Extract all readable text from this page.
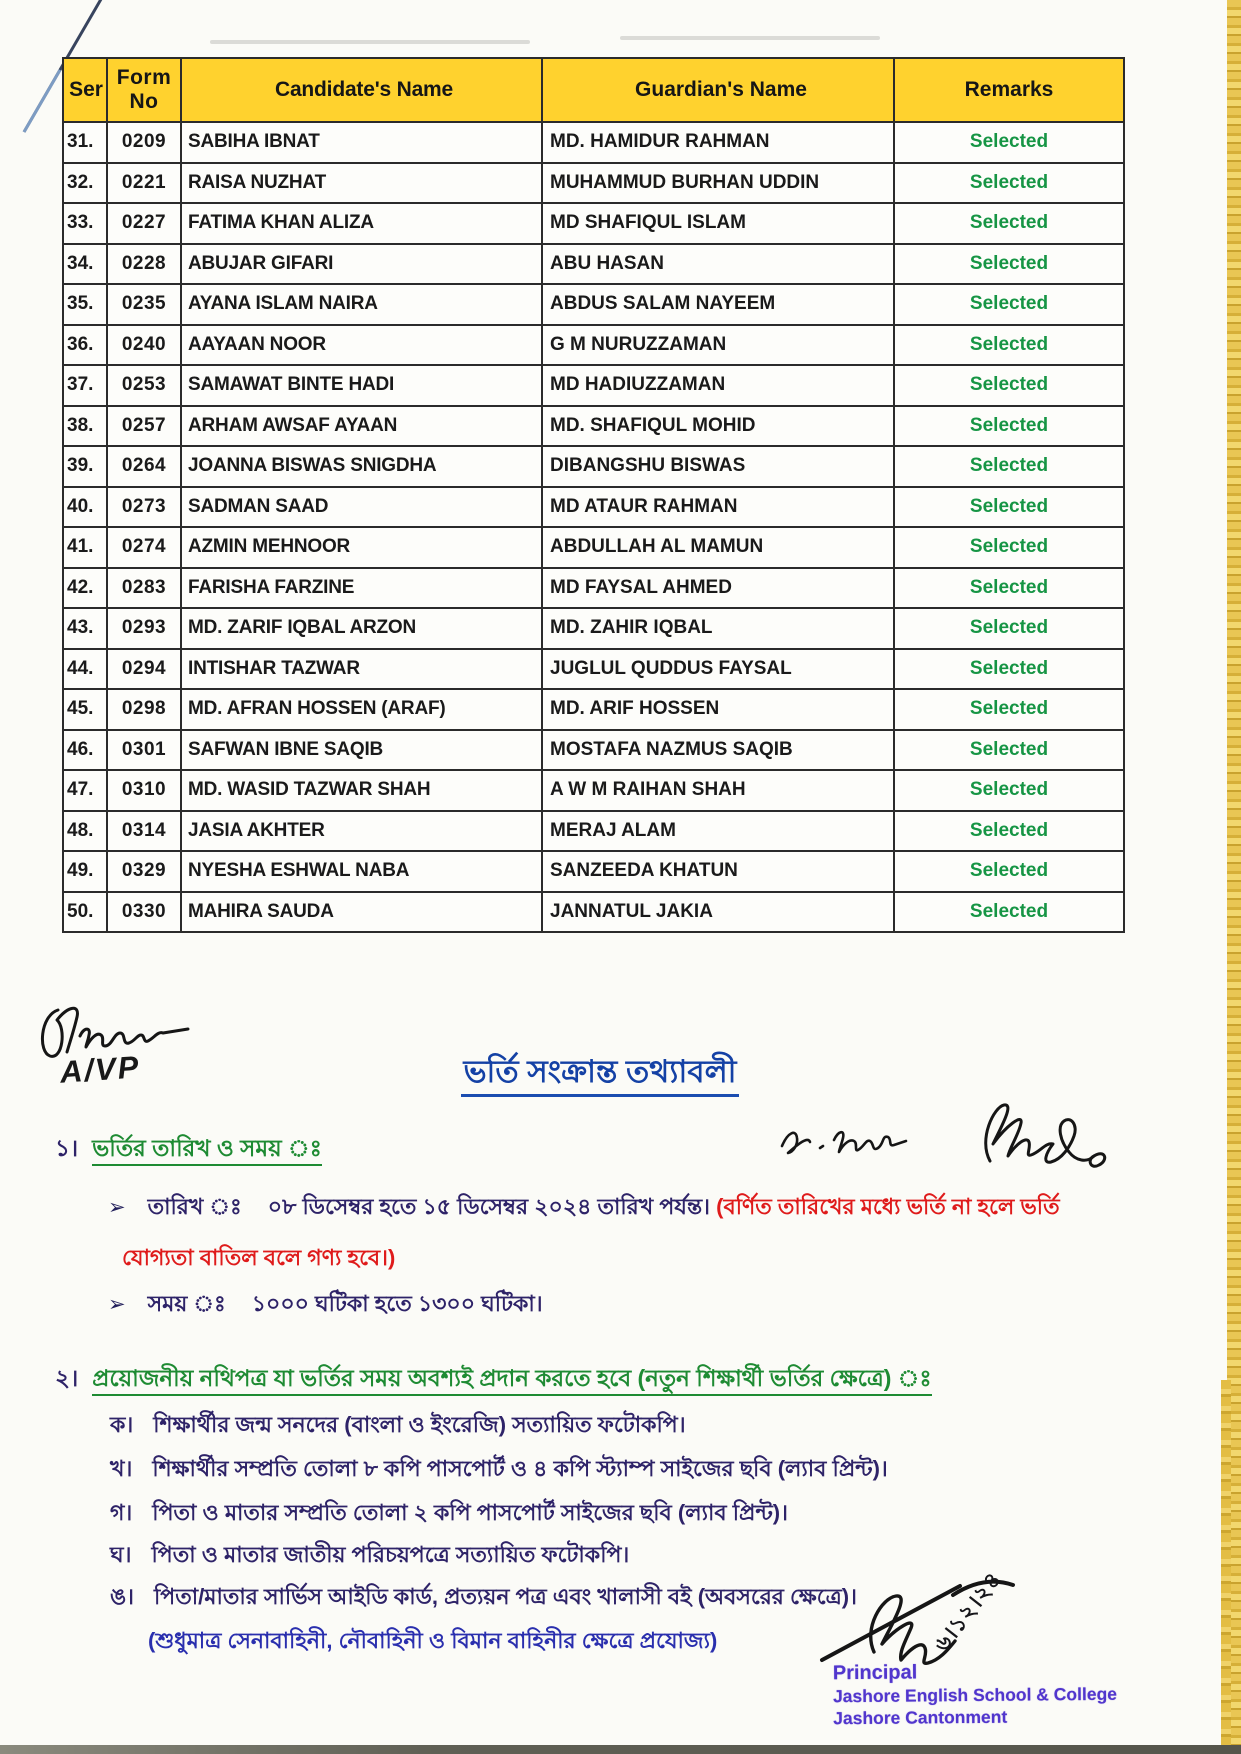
Ser	Form No	Candidate's Name	Guardian's Name	Remarks
31.	0209	SABIHA IBNAT	MD. HAMIDUR RAHMAN	Selected
32.	0221	RAISA NUZHAT	MUHAMMUD BURHAN UDDIN	Selected
33.	0227	FATIMA KHAN ALIZA	MD SHAFIQUL ISLAM	Selected
34.	0228	ABUJAR GIFARI	ABU HASAN	Selected
35.	0235	AYANA ISLAM NAIRA	ABDUS SALAM NAYEEM	Selected
36.	0240	AAYAAN NOOR	G M NURUZZAMAN	Selected
37.	0253	SAMAWAT BINTE HADI	MD HADIUZZAMAN	Selected
38.	0257	ARHAM AWSAF AYAAN	MD. SHAFIQUL MOHID	Selected
39.	0264	JOANNA BISWAS SNIGDHA	DIBANGSHU BISWAS	Selected
40.	0273	SADMAN SAAD	MD ATAUR RAHMAN	Selected
41.	0274	AZMIN MEHNOOR	ABDULLAH AL MAMUN	Selected
42.	0283	FARISHA FARZINE	MD FAYSAL AHMED	Selected
43.	0293	MD. ZARIF IQBAL ARZON	MD. ZAHIR IQBAL	Selected
44.	0294	INTISHAR TAZWAR	JUGLUL QUDDUS FAYSAL	Selected
45.	0298	MD. AFRAN HOSSEN (ARAF)	MD. ARIF HOSSEN	Selected
46.	0301	SAFWAN IBNE SAQIB	MOSTAFA NAZMUS SAQIB	Selected
47.	0310	MD. WASID TAZWAR SHAH	A W M RAIHAN SHAH	Selected
48.	0314	JASIA AKHTER	MERAJ ALAM	Selected
49.	0329	NYESHA ESHWAL NABA	SANZEEDA KHATUN	Selected
50.	0330	MAHIRA SAUDA	JANNATUL JAKIA	Selected
A/VP	ভর্তি সংক্রান্ত তথ্যাবলী
১। ভর্তির তারিখ ও সময় ঃ
➢ তারিখ ঃ ০৮ ডিসেম্বর হতে ১৫ ডিসেম্বর ২০২৪ তারিখ পর্যন্ত। (বর্ণিত তারিখের মধ্যে ভর্তি না হলে ভর্তি
যোগ্যতা বাতিল বলে গণ্য হবে।)
➢ সময় ঃ ১০০০ ঘটিকা হতে ১৩০০ ঘটিকা।
২। প্রয়োজনীয় নথিপত্র যা ভর্তির সময় অবশ্যই প্রদান করতে হবে (নতুন শিক্ষার্থী ভর্তির ক্ষেত্রে) ঃ
ক। শিক্ষার্থীর জন্ম সনদের (বাংলা ও ইংরেজি) সত্যায়িত ফটোকপি।
খ। শিক্ষার্থীর সম্প্রতি তোলা ৮ কপি পাসপোর্ট ও ৪ কপি স্ট্যাম্প সাইজের ছবি (ল্যাব প্রিন্ট)।
গ। পিতা ও মাতার সম্প্রতি তোলা ২ কপি পাসপোর্ট সাইজের ছবি (ল্যাব প্রিন্ট)।
ঘ। পিতা ও মাতার জাতীয় পরিচয়পত্রে সত্যায়িত ফটোকপি।
ঙ। পিতা/মাতার সার্ভিস আইডি কার্ড, প্রত্যয়ন পত্র এবং খালাসী বই (অবসরের ক্ষেত্রে)।
(শুধুমাত্র সেনাবাহিনী, নৌবাহিনী ও বিমান বাহিনীর ক্ষেত্রে প্রযোজ্য)	৬।১২।২৪
Principal
Jashore English School & College
Jashore Cantonment
